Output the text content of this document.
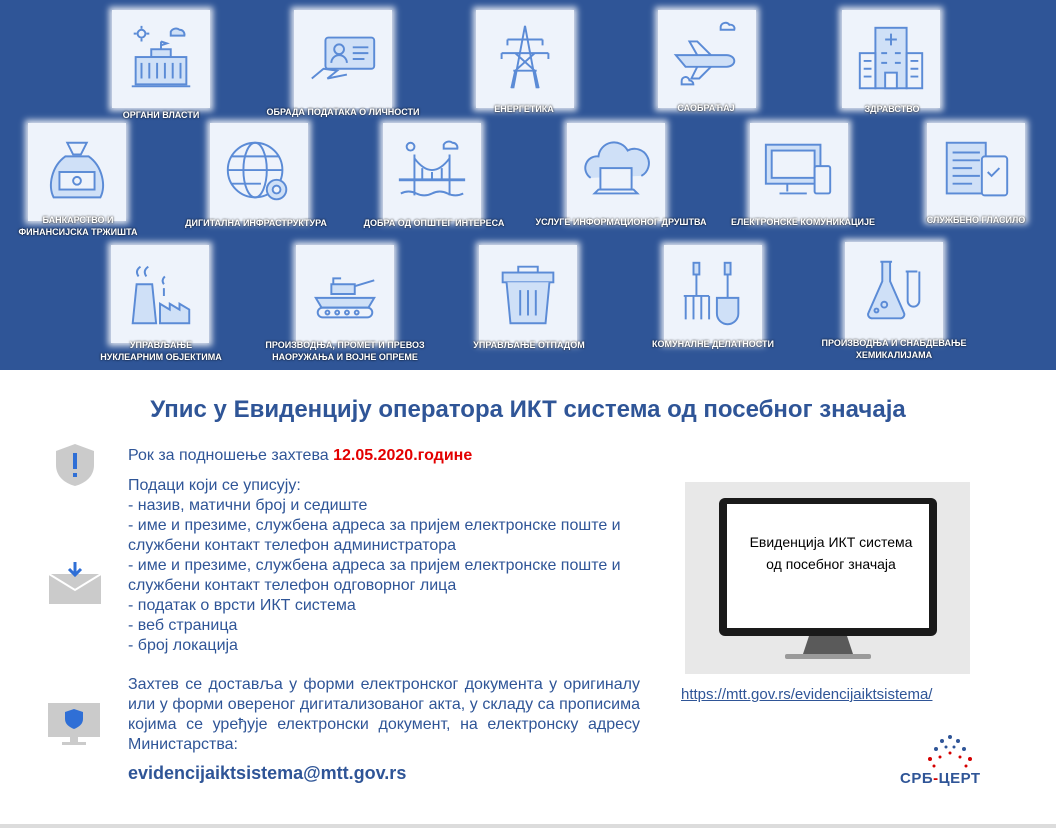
ОРГАНИ ВЛАСТИ	ОБРАДА ПОДАТАКА О ЛИЧНОСТИ	ЕНЕРГЕТИКА	САОБРАЋАЈ	ЗДРАВСТВО
БАНКАРСТВО И
ФИНАНСИЈСКА ТРЖИШТА
ДИГИТАЛНА ИНФРАСТРУКТУРА	ДОБРА ОД ОПШТЕГ ИНТЕРЕСА	УСЛУГЕ ИНФОРМАЦИОНОГ ДРУШТВА	ЕЛЕКТРОНСКЕ КОМУНИКАЦИЈЕ	СЛУЖБЕНО ГЛАСИЛО
УПРАВЉАЊЕ
НУКЛЕАРНИМ ОБЈЕКТИМА
ПРОИЗВОДЊА, ПРОМЕТ И ПРЕВОЗ
НАОРУЖАЊА И ВОЈНЕ ОПРЕМЕ
УПРАВЉАЊЕ ОТПАДОМ	КОМУНАЛНЕ ДЕЛАТНОСТИ	ПРОИЗВОДЊА И СНАБДЕВАЊЕ
ХЕМИКАЛИЈАМА
Упис у Евиденцију оператора ИКТ система од посебног значаја
Рок за подношење захтева 12.05.2020.године
Подаци који се уписују:
- назив, матични број и седиште
- име и презиме, службена адреса за пријем електронске поште и службени контакт телефон администратора
- име и презиме, службена адреса за пријем електронске поште и службени контакт телефон одговорног лица
- податак о врсти ИКТ система
- веб страница
- број локација
Захтев се доставља у форми електронског документа у оригиналу или у форми овереног дигитализованог акта, у складу са прописима којима се уређује електронски документ, на електронску адресу Министарства:
evidencijaiktsistema@mtt.gov.rs
Евиденција ИКТ система
од посебног значаја
https://mtt.gov.rs/evidencijaiktsistema/
СРБ-ЦЕРТ
